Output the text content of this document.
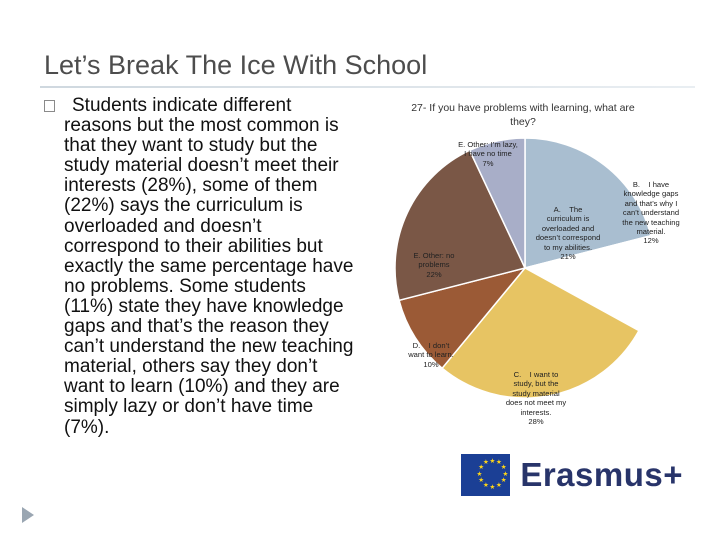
Let’s Break The Ice With School
Students indicate different reasons but the most common is that they want to study but the study material doesn’t meet their interests (28%), some of them (22%) says the curriculum is overloaded and doesn’t correspond to their abilities but exactly the same percentage have no problems. Some students (11%) state they have knowledge gaps and that’s the reason they can’t understand the new teaching material, others say they don’t want to learn (10%) and they are simply lazy or don’t have time (7%).
27- If you have problems with learning, what are they?
A. The
curriculum is overloaded and doesn’t correspond to my abilities.
21%
B. I have
knowledge gaps and that’s why I can’t understand the new teaching material.
12%
C. I want to
study, but the study material does not meet my interests.
28%
D. I don’t
want to learn.
10%
E. Other: no problems
22%
E. Other: I’m lazy, I have no time
7%
★
★
★
★
★
★
★
★
★ ★ ★
★ Erasmus+
